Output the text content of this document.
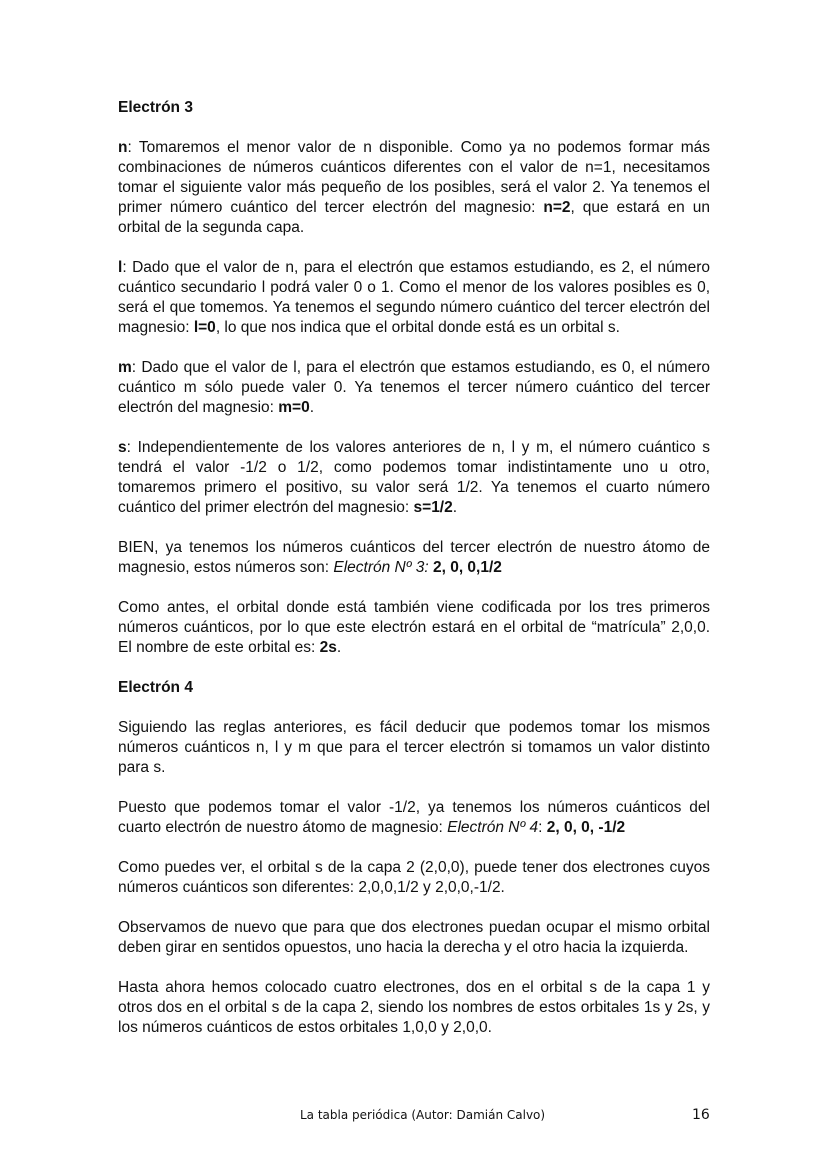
Electrón 3

n: Tomaremos el menor valor de n disponible. Como ya no podemos formar más combinaciones de números cuánticos diferentes con el valor de n=1, necesitamos tomar el siguiente valor más pequeño de los posibles, será el valor 2. Ya tenemos el primer número cuántico del tercer electrón del magnesio: n=2, que estará en un orbital de la segunda capa.

l: Dado que el valor de n, para el electrón que estamos estudiando, es 2, el número cuántico secundario l podrá valer 0 o 1. Como el menor de los valores posibles es 0, será el que tomemos. Ya tenemos el segundo número cuántico del tercer electrón del magnesio: l=0, lo que nos indica que el orbital donde está es un orbital s.

m: Dado que el valor de l, para el electrón que estamos estudiando, es 0, el número cuántico m sólo puede valer 0. Ya tenemos el tercer número cuántico del tercer electrón del magnesio: m=0.

s: Independientemente de los valores anteriores de n, l y m, el número cuántico s tendrá el valor -1/2 o 1/2, como podemos tomar indistintamente uno u otro, tomaremos primero el positivo, su valor será 1/2. Ya tenemos el cuarto número cuántico del primer electrón del magnesio: s=1/2.

BIEN, ya tenemos los números cuánticos del tercer electrón de nuestro átomo de magnesio, estos números son: Electrón Nº 3: 2, 0, 0,1/2

Como antes, el orbital donde está también viene codificada por los tres primeros números cuánticos, por lo que este electrón estará en el orbital de “matrícula” 2,0,0. El nombre de este orbital es: 2s.

Electrón 4

Siguiendo las reglas anteriores, es fácil deducir que podemos tomar los mismos números cuánticos n, l y m que para el tercer electrón si tomamos un valor distinto para s.

Puesto que podemos tomar el valor -1/2, ya tenemos los números cuánticos del cuarto electrón de nuestro átomo de magnesio: Electrón Nº 4: 2, 0, 0, -1/2

Como puedes ver, el orbital s de la capa 2 (2,0,0), puede tener dos electrones cuyos números cuánticos son diferentes: 2,0,0,1/2 y 2,0,0,-1/2.

Observamos de nuevo que para que dos electrones puedan ocupar el mismo orbital deben girar en sentidos opuestos, uno hacia la derecha y el otro hacia la izquierda.

Hasta ahora hemos colocado cuatro electrones, dos en el orbital s de la capa 1 y otros dos en el orbital s de la capa 2, siendo los nombres de estos orbitales 1s y 2s, y los números cuánticos de estos orbitales 1,0,0 y 2,0,0.

La tabla periódica (Autor: Damián Calvo)	16
